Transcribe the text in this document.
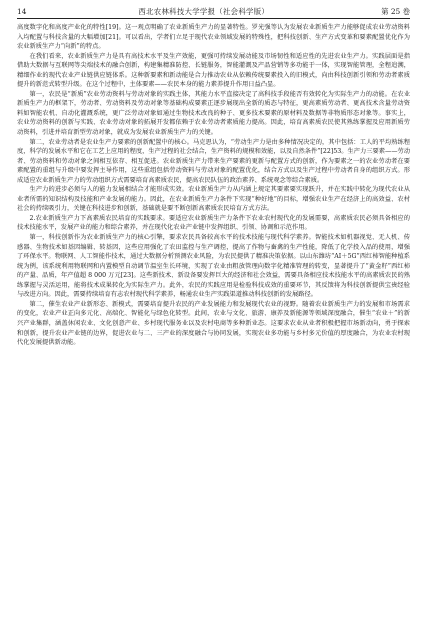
14	西北农林科技大学学报（社会科学版）	第 25 卷

高度数字化和高度产业化的特性[19]。这一观点明确了农业新质生产力的显著特性。罗光强等认为发展农业新质生产力能够促成农业劳动资料入均配置与科技含量的大幅增加[21]。可以看出，学者们立足于现代农业领域发展的特殊性，把科技创新、生产方式变革和要素配置优化作为农业新质生产力“向新”的特点。

在我们看来，农业新质生产力是具有高技术水平及生产效能，更强可持续发展动能及市场韧性和适应性的先进农业生产力。实践层面是指借助大数据与互联网等尖端技术的融合创新，构建集精准防控、长链服务，智能灌溉及产品营销等多功能于一体，实现智能管理，全程追溯，精细作业的现代农业产业链供应链体系。这种新要素和新动能是合力推动农业从依赖传统要素投入的旧模式，向由科技创新引领和劳动者素质提升的新范式转型升级。在这个过程中，主体要素——农民本身的能力素养提升作用日益凸显。

第一，农民是“新质”农业劳动资料与劳动对象的实践主体，其能力水平直接决定了高科技手段能否有效转化为实际生产力的动能。在农业新质生产力的框架下，劳动者、劳动资料及劳动对象等基础构成要素正逐步展现出全新的质态与特征，更高素质劳动者、更高技术含量劳动资料如智能农机、自动化灌溉系统，更广泛劳动对象如通过生物技术改良的种子、更多技术要素的原材料及数据等非物质形态对象等。事实上，农业劳动资料的创新与实践、农业劳动对象的拓展开发都依赖于农业劳动者素质能力提高。因此，培育高素质农民使其熟练掌握及应用新质劳动资料，引进并培育新型劳动对象，就成为发展农业新质生产力的关键。

第二，农业劳动者是农业生产力要素的创新配置中的核心。马克思认为，“劳动生产力是由多种情况决定的，其中包括：工人的平均熟练程度，科学的发展水平和它在工艺上应用的程度，生产过程的社会结合，生产资料的规模和效能，以及自然条件”[22]53。生产力三要素——劳动者、劳动资料和劳动对象之间相互依存、相互促进。农业新质生产力带来生产要素的更新与配置方式的创新，作为要素之一的农业劳动者在要素配置的重组与升级中要发挥主导作用，这些重组包括劳动资料与劳动对象的配置优化，结合方式以及生产过程中劳动者自身的组织方式。形成适应农业新质生产力的劳动组织方式需要培育高素质农民，提高农民队伍的政治素养、系统观念等综合素质。

生产力的进步必须与人的能力发展相结合才能形成实效。农业新质生产力从内涵上规定其要素要实现跃升，并在实践中转化为现代农业从业者所需的知识结构及技能和产业发展的能力。因此，在农业新质生产力条件下实现“种好地”的目标，增强农业生产在经济上的高效益、农村社会的持续吸引力，关键在科技进步和创新，基础就是要不断创新高素质农民培育方式方法。

2.农业新质生产力下高素质农民培育的实践要求。要适应农业新质生产力条件下农业农村现代化的发展需要，高素质农民必须具备相应的技术技能水平，发展产业的能力和综合素养，并在现代化农业产业链中发挥组织、引领、协调和示范作用。

第一，科技创新作为农业新质生产力的核心引擎，要求农民具备较高水平的技术技能与现代科学素养。智能技术如机器视觉、无人机、传感器、生物技术如基因编辑、转基因，这些应用强化了农田监控与生产调控，提高了作物与畜禽的生产性能，降低了化学投入品的使用，增强了环保水平。物联网、人工智能作技术，通过大数据分析预测农业风险，为农民提供了精准决策依据。以山东潍坊“AI＋5G”西红柿智能种植系统为例，该系统利用物联网和内置模型自动调节温室生长环境，实现了农业由粗放管理向数字化精准管理的转变，显著提升了“黄金籽”西红柿的产量、品质，年产值超 8 000 万元[23]。这些新技术、新设备要发挥巨大的经济和社会效益，需要具备相应技术技能水平的高素质农民的熟练掌握与灵活运用，能将技术成果转化为实际生产力。此外，农民的实践应用是检验科技成效的重要环节，其反馈将为科技创新提供宝贵经验与改进方向。因此，需要持续培育有志农村现代科学素养，畅通农业生产实践渠道推动科技创新的发展路径。

第二，催生农业产业新形态、新模式，需要培育提升农民的产业发展能力和发展现代农业的视野。随着农业新质生产力的发展和市场需求的变化，农业产业正向多元化、高端化、智能化与绿色化转型。此间，农业与文化、旅游、康养及新能源等领域深度融合，催生“农业＋”的新兴产业集群，涵盖休闲农业、文化创意产业、乡村现代服务业以及农村电商等多种新业态。这要求农业从业者积极把握市场新动向，勇于探索和创新，提升农业产业链的边界，促进农业与二、三产业的深度融合与协同发展，实现农业多功能与乡村多元价值的厚度融合，为农业农村现代化发展提供新动能。
